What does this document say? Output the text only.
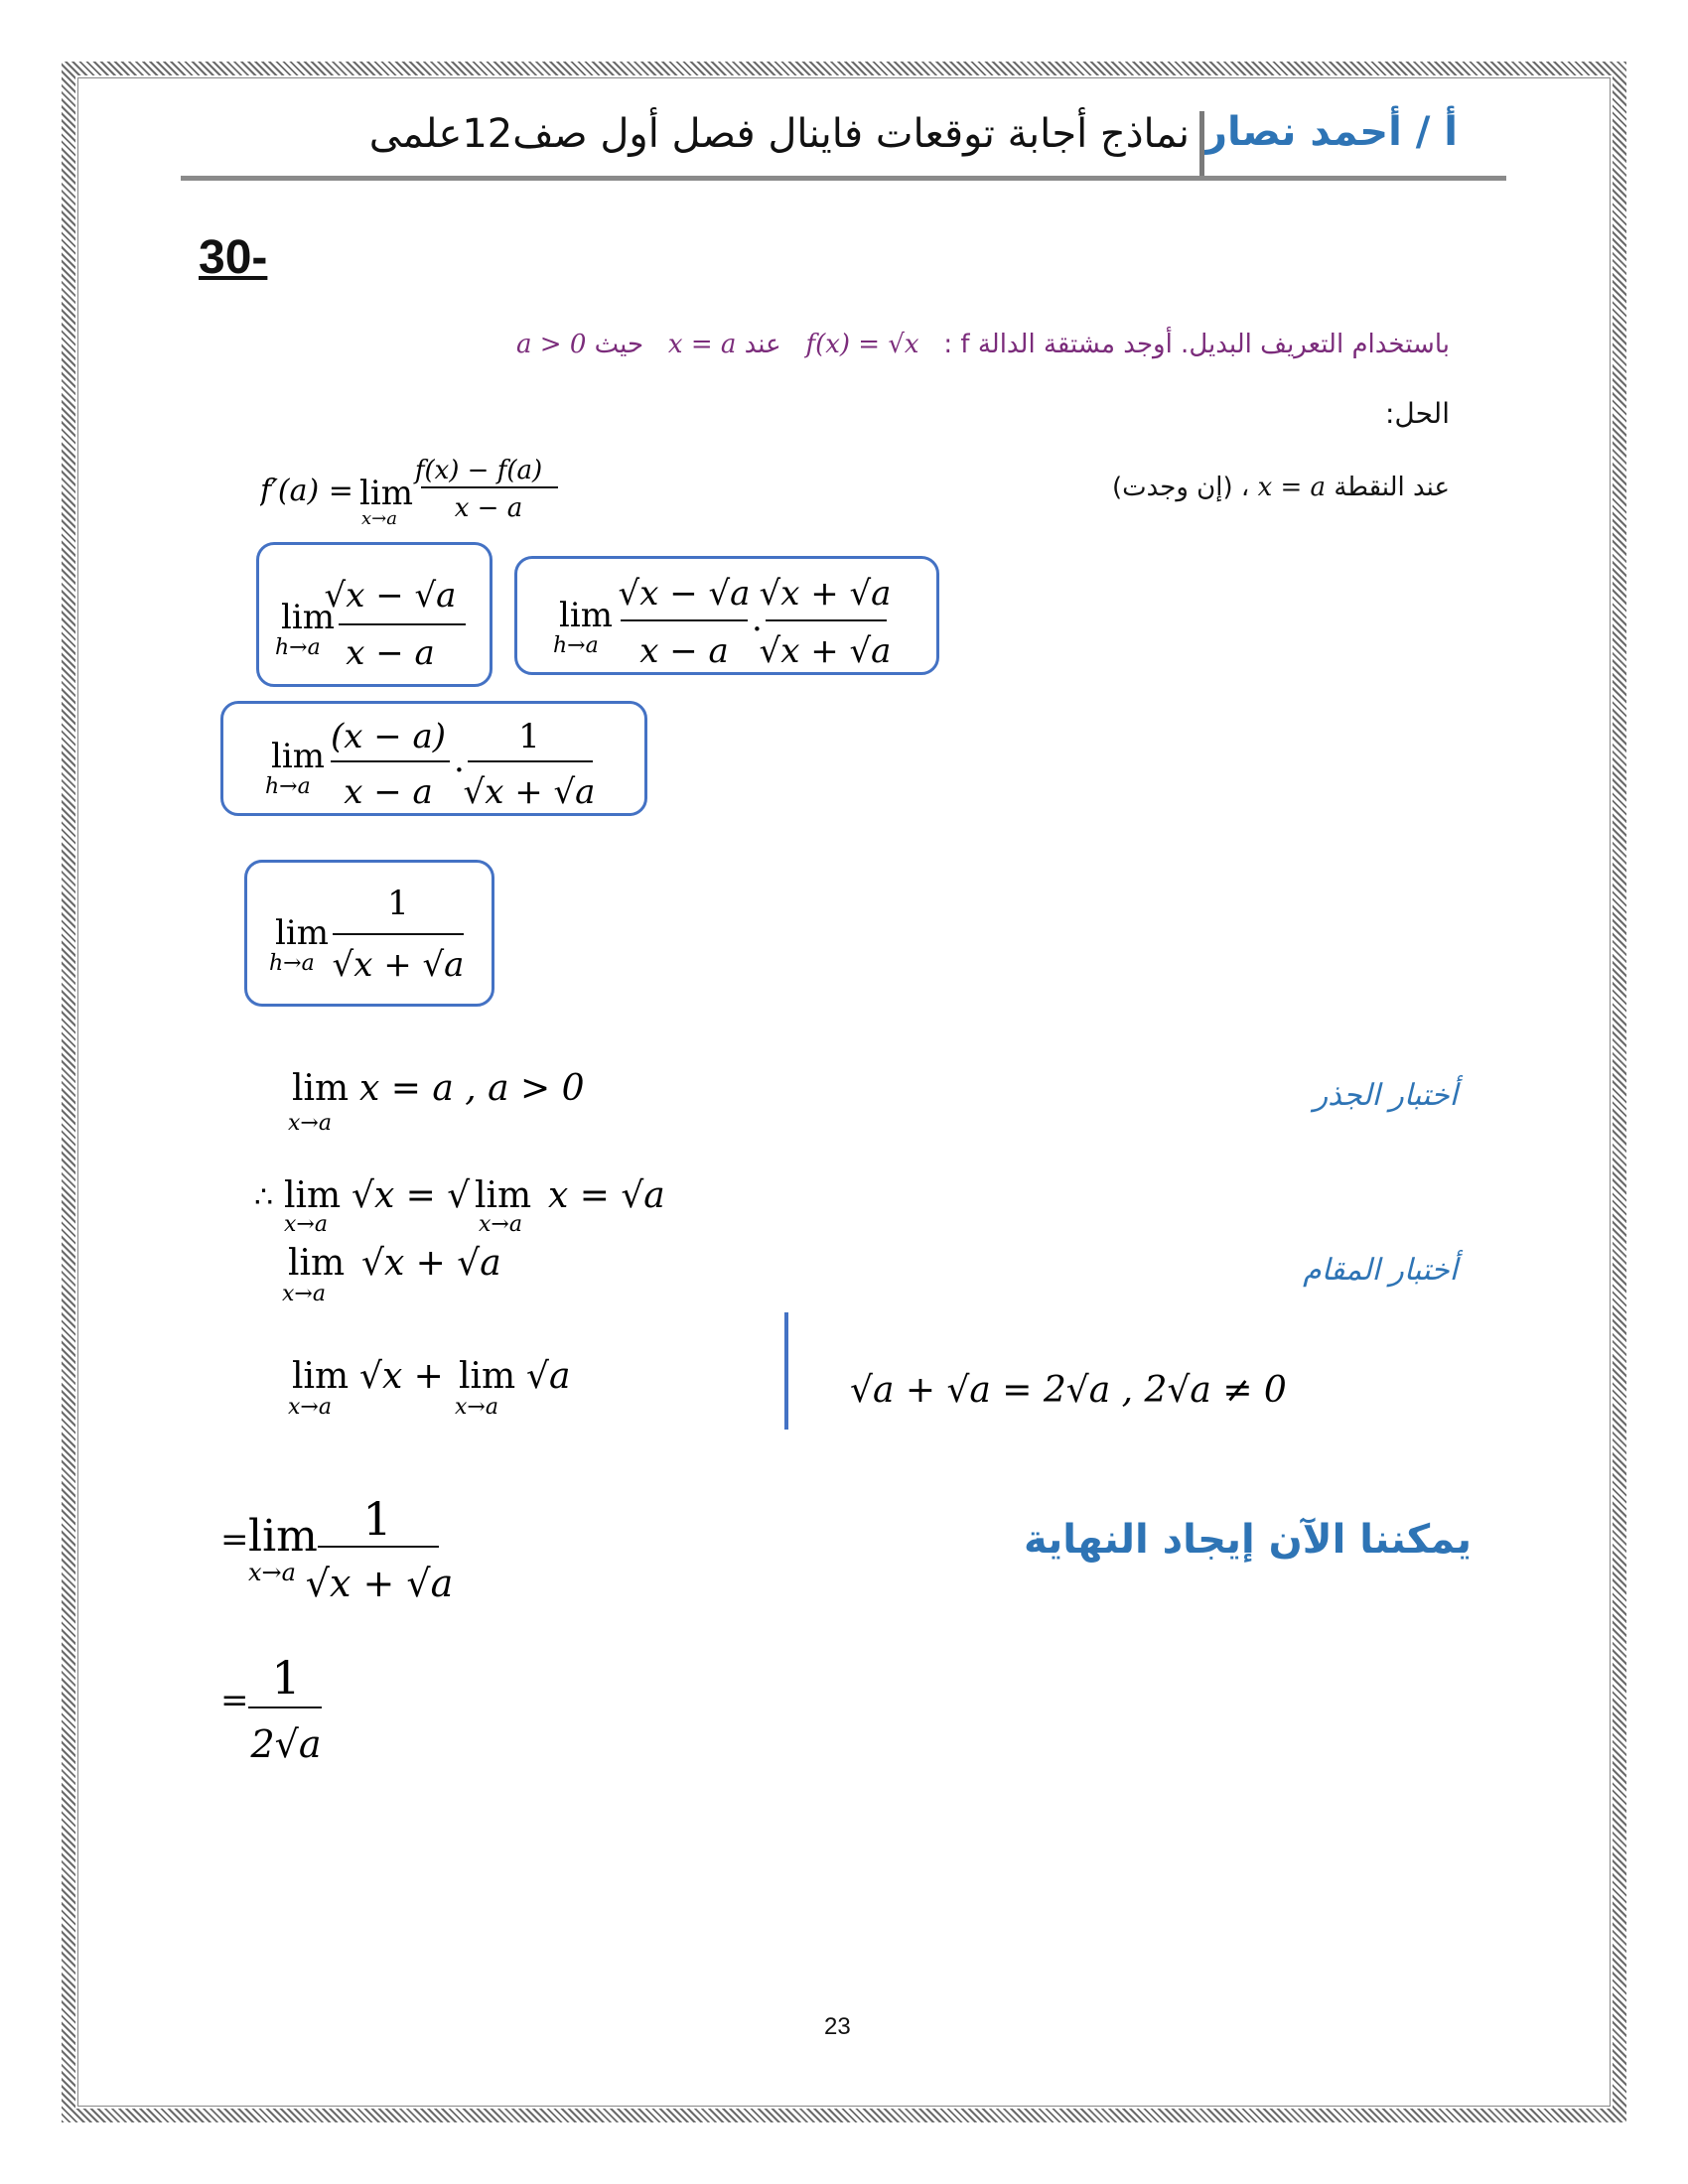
أ / أحمد نصار
نماذج أجابة توقعات فاينال فصل أول صف12علمى
30-
باستخدام التعريف البديل. أوجد مشتقة الدالة f :   f(x) = √x   عند x = a   حيث a > 0
الحل:
عند النقطة x = a ، (إن وجدت)
f′(a) = lim
x→a
f(x) − f(a)
x − a
lim
h→a
√x − √a
x − a
lim
h→a
√x − √a
x − a
.
√x + √a
√x + √a
lim
h→a
(x − a)
x − a
.
1
√x + √a
lim
h→a
1
√x + √a
أختبار الجذر
lim
x→a
x = a , a > 0
∴ lim
x→a
√x = √ lim
x→a
x = √a
أختبار المقام
lim
x→a
√x + √a
lim
x→a
√x + lim
x→a
√a	√a + √a = 2√a , 2√a ≠ 0
يمكننا الآن إيجاد النهاية
= lim
x→a
1
√x + √a
= 1
2√a
23
